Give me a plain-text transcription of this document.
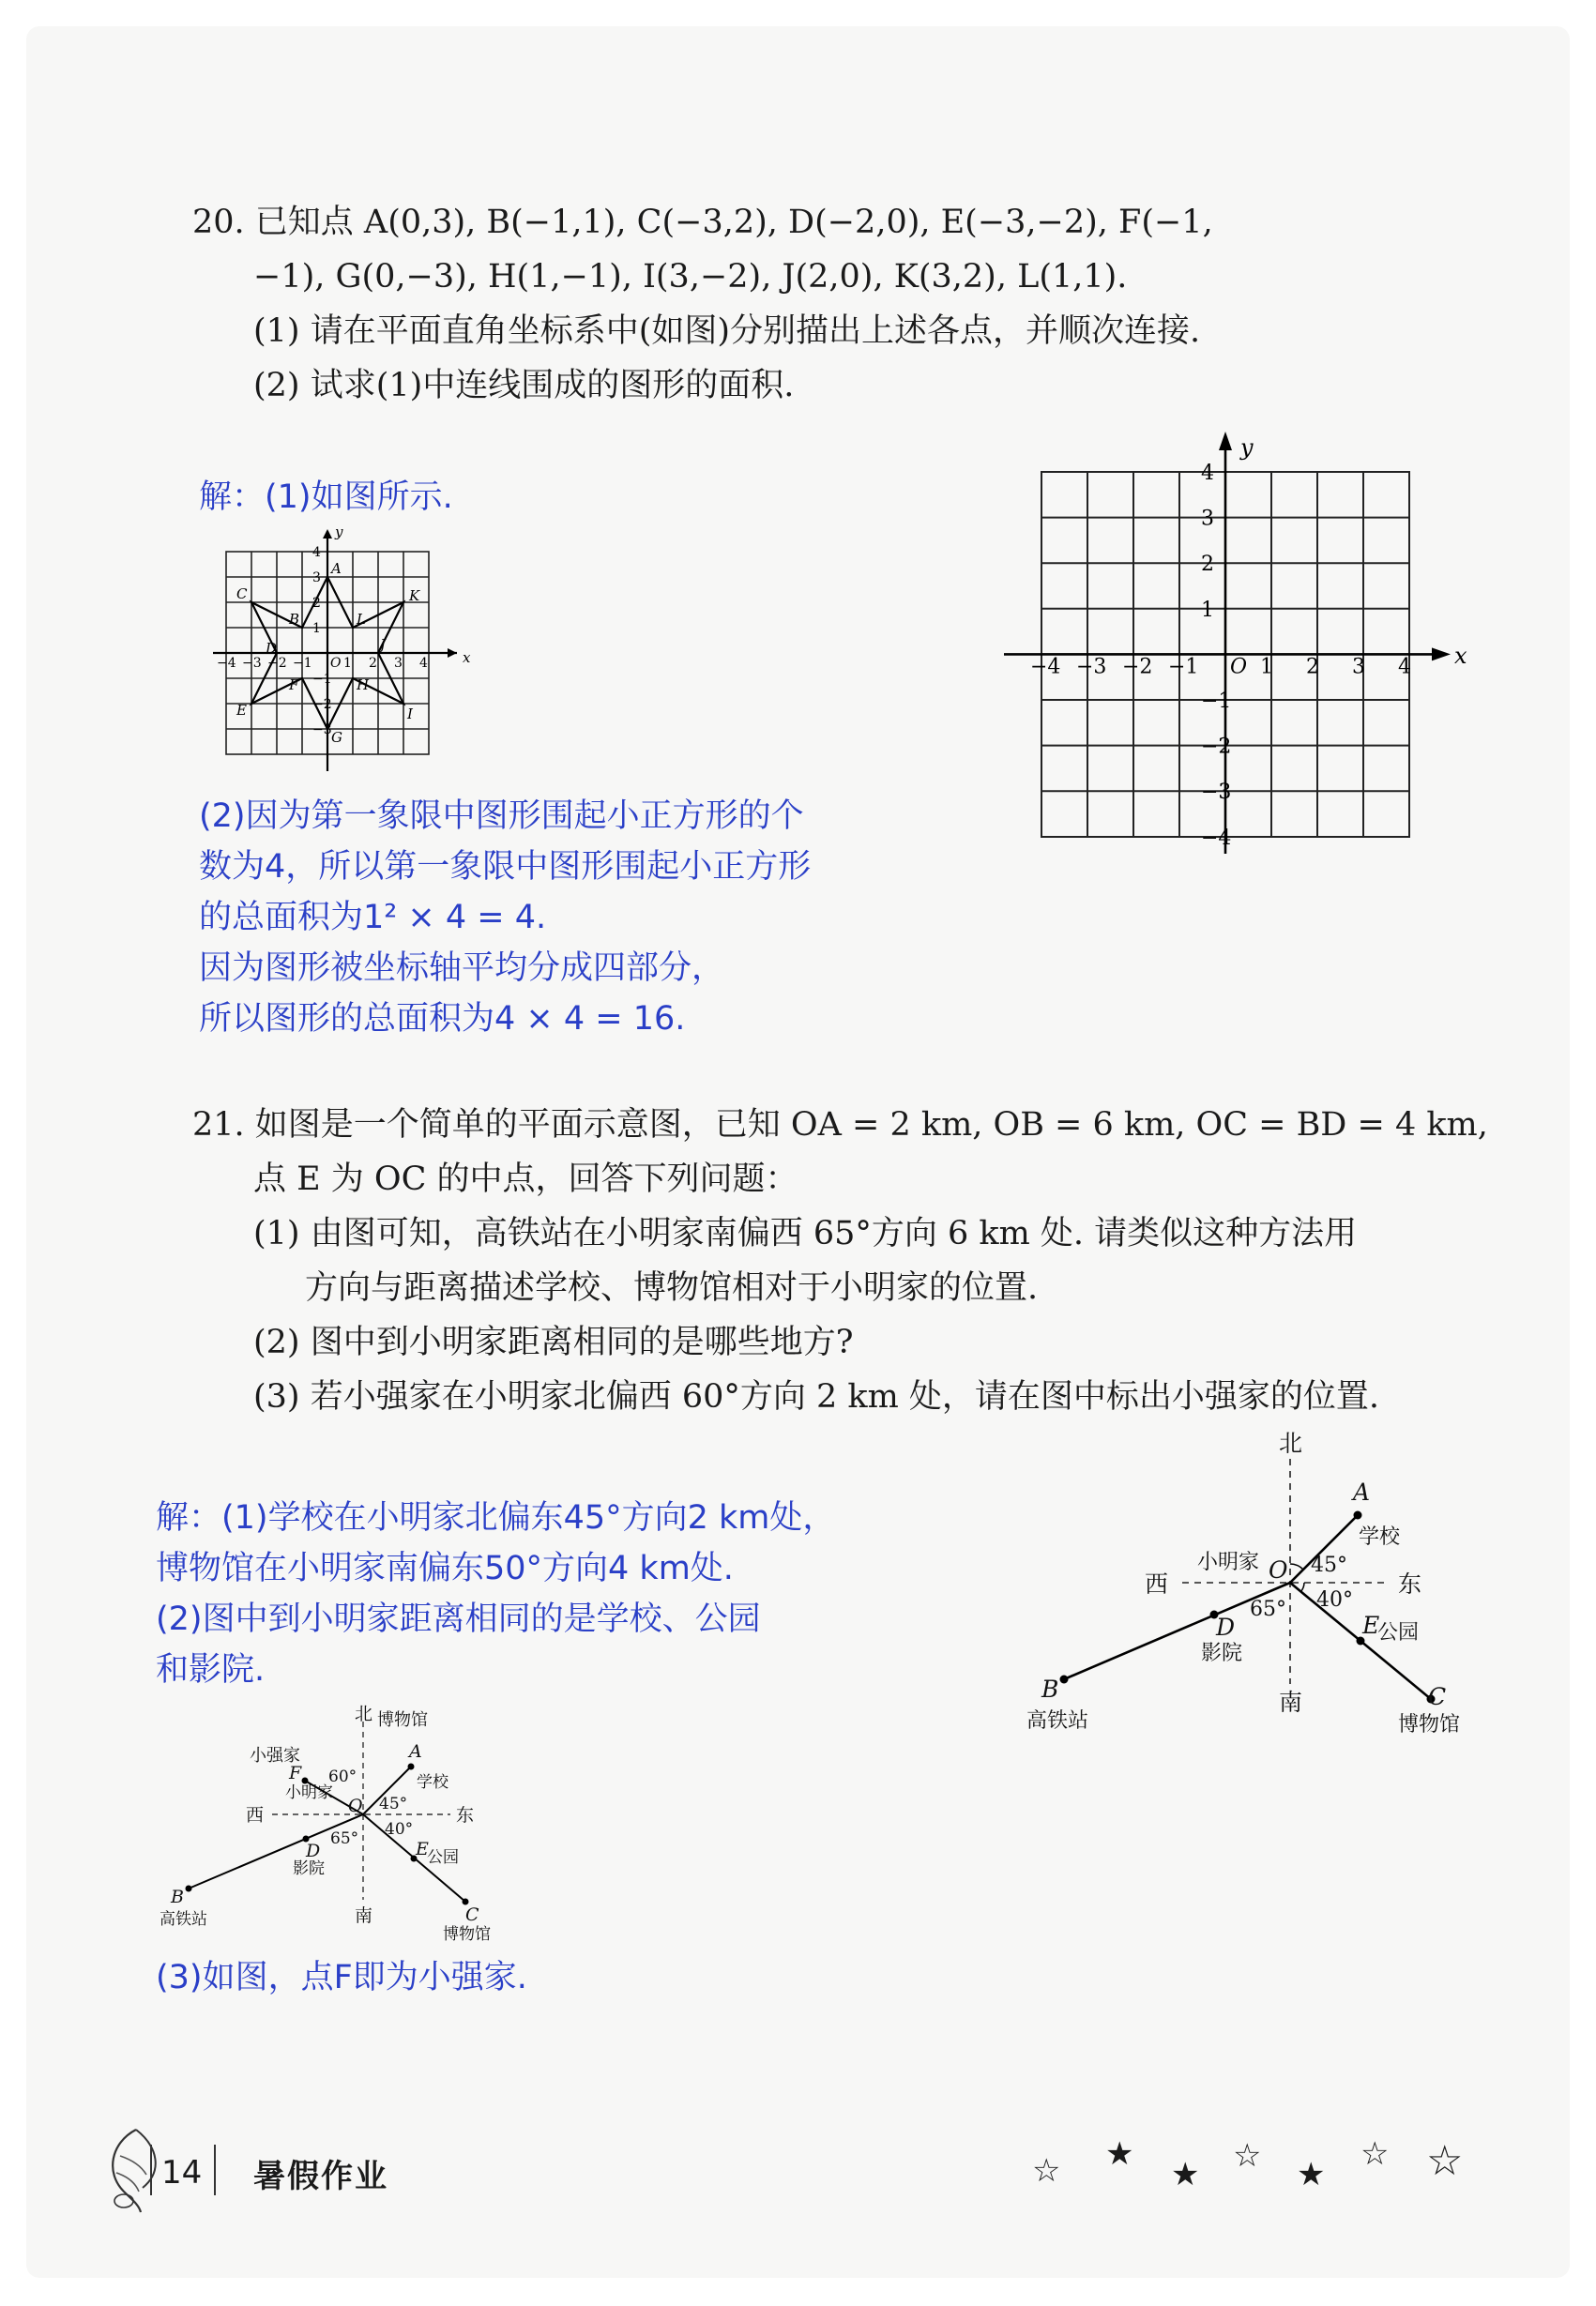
20. 已知点 A(0,3), B(−1,1), C(−3,2), D(−2,0), E(−3,−2), F(−1,
−1), G(0,−3), H(1,−1), I(3,−2), J(2,0), K(3,2), L(1,1).
(1) 请在平面直角坐标系中(如图)分别描出上述各点，并顺次连接.
(2) 试求(1)中连线围成的图形的面积.
解：(1)如图所示.
x
y
A
B
C
D
E
F
G
H
I
J
K
L
−4 −3 −2 −1 1 2 3 4
4
3
2
1
−1
−2
−3
O
(2)因为第一象限中图形围起小正方形的个
数为4，所以第一象限中图形围起小正方形
的总面积为1² × 4 = 4.
因为图形被坐标轴平均分成四部分，
所以图形的总面积为4 × 4 = 16.
x
y
−4 −3 −2 −1	1 2 3 4
4
3
2
1
−1
−2
−3
−4
O
21. 如图是一个简单的平面示意图，已知 OA = 2 km, OB = 6 km, OC = BD = 4 km,
点 E 为 OC 的中点，回答下列问题：
(1) 由图可知，高铁站在小明家南偏西 65°方向 6 km 处. 请类似这种方法用
方向与距离描述学校、博物馆相对于小明家的位置.
(2) 图中到小明家距离相同的是哪些地方?
(3) 若小强家在小明家北偏西 60°方向 2 km 处，请在图中标出小强家的位置.
解：(1)学校在小明家北偏东45°方向2 km处，
博物馆在小明家南偏东50°方向4 km处.
(2)图中到小明家距离相同的是学校、公园
和影院.
北
南
西	东
小明家 O
A
学校
B
高铁站
C
博物馆
D
影院
E
公园
45°
40°
65°
北 博物馆
南
西	东
小明家
O
F
小强家	A
学校
B
高铁站	C
博物馆
D
影院
E
公园
60°
45°
40°
65°
(3)如图，点F即为小强家.
14 暑假作业	☆ ★
★ ☆ ★
☆ ☆
